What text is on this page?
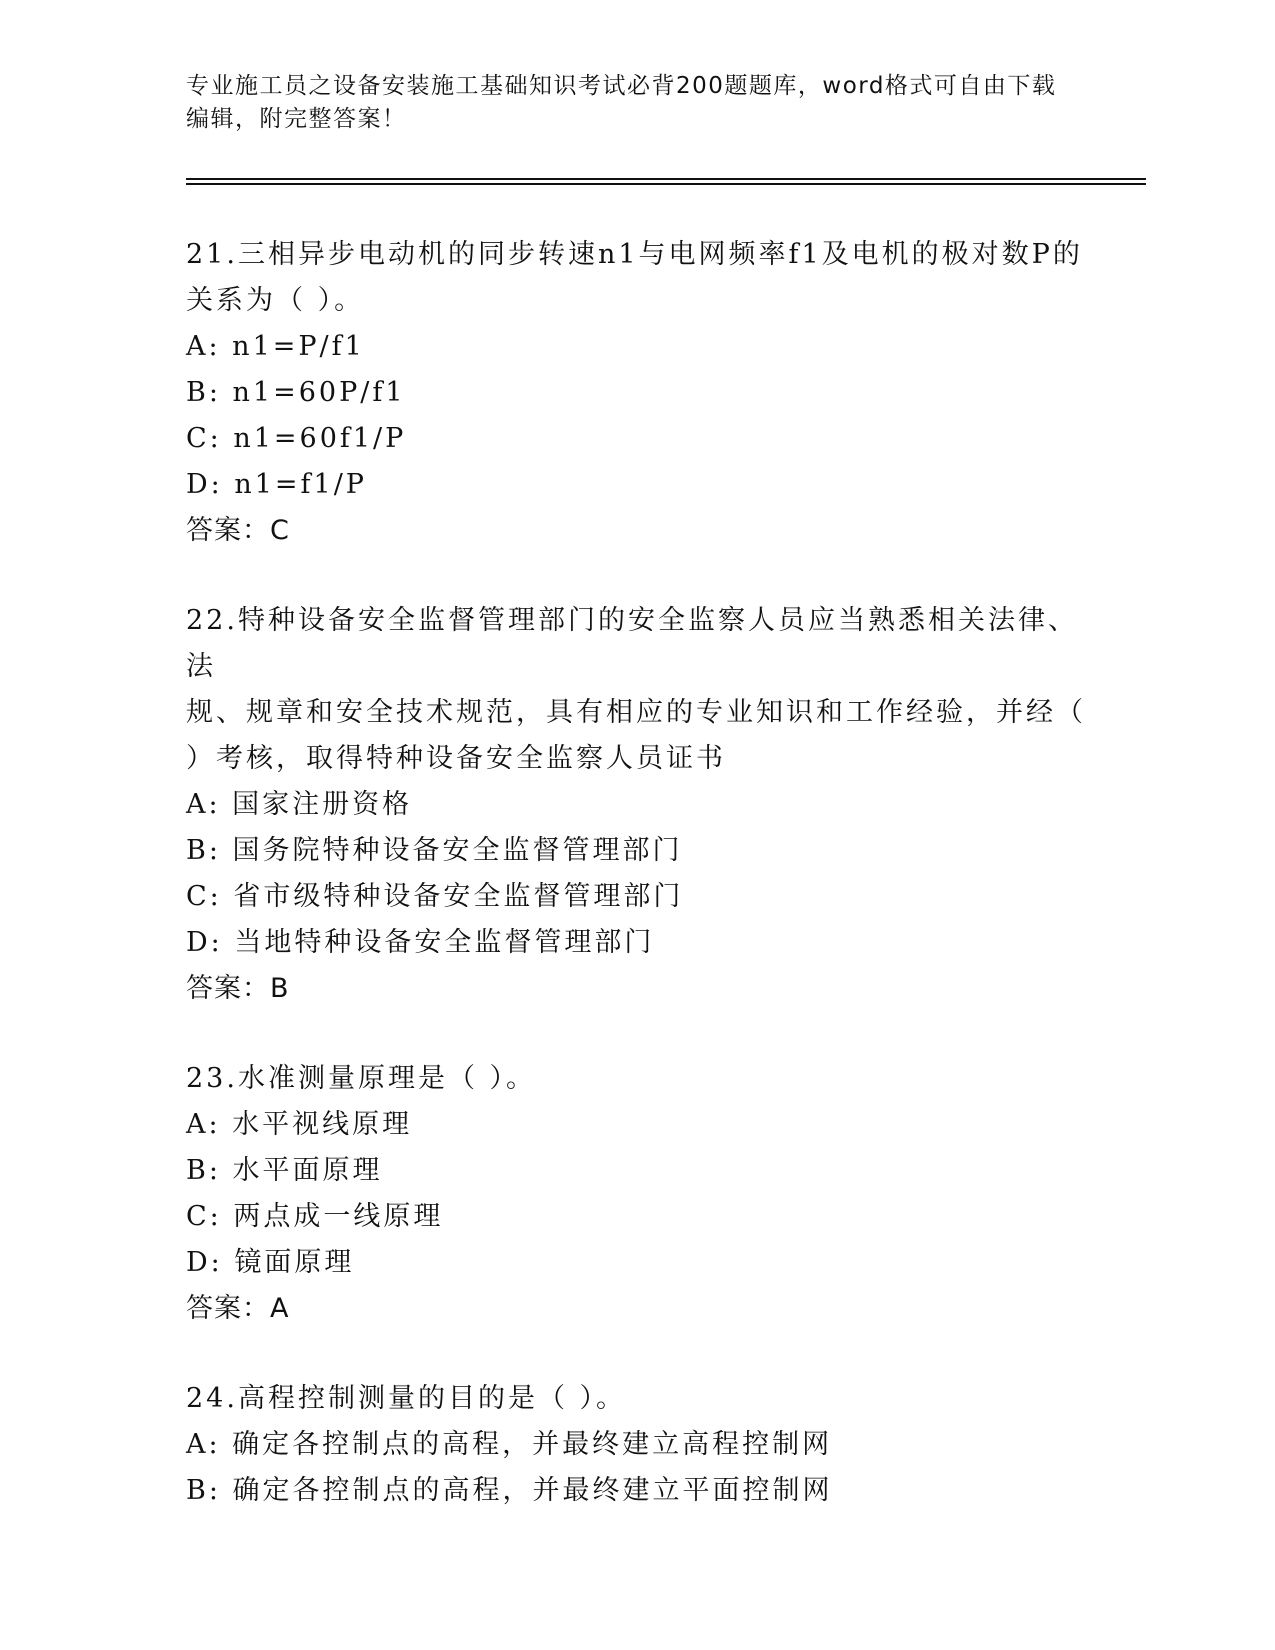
专业施工员之设备安装施工基础知识考试必背200题题库，word格式可自由下载
编辑，附完整答案！
21.三相异步电动机的同步转速n1与电网频率f1及电机的极对数P的
关系为（ ）。
A: n1=P/f1
B: n1=60P/f1
C: n1=60f1/P
D: n1=f1/P
答案：C
22.特种设备安全监督管理部门的安全监察人员应当熟悉相关法律、法
规、规章和安全技术规范，具有相应的专业知识和工作经验，并经（
）考核，取得特种设备安全监察人员证书
A: 国家注册资格
B: 国务院特种设备安全监督管理部门
C: 省市级特种设备安全监督管理部门
D: 当地特种设备安全监督管理部门
答案：B
23.水准测量原理是（ ）。
A: 水平视线原理
B: 水平面原理
C: 两点成一线原理
D: 镜面原理
答案：A
24.高程控制测量的目的是（ ）。
A: 确定各控制点的高程，并最终建立高程控制网
B: 确定各控制点的高程，并最终建立平面控制网
